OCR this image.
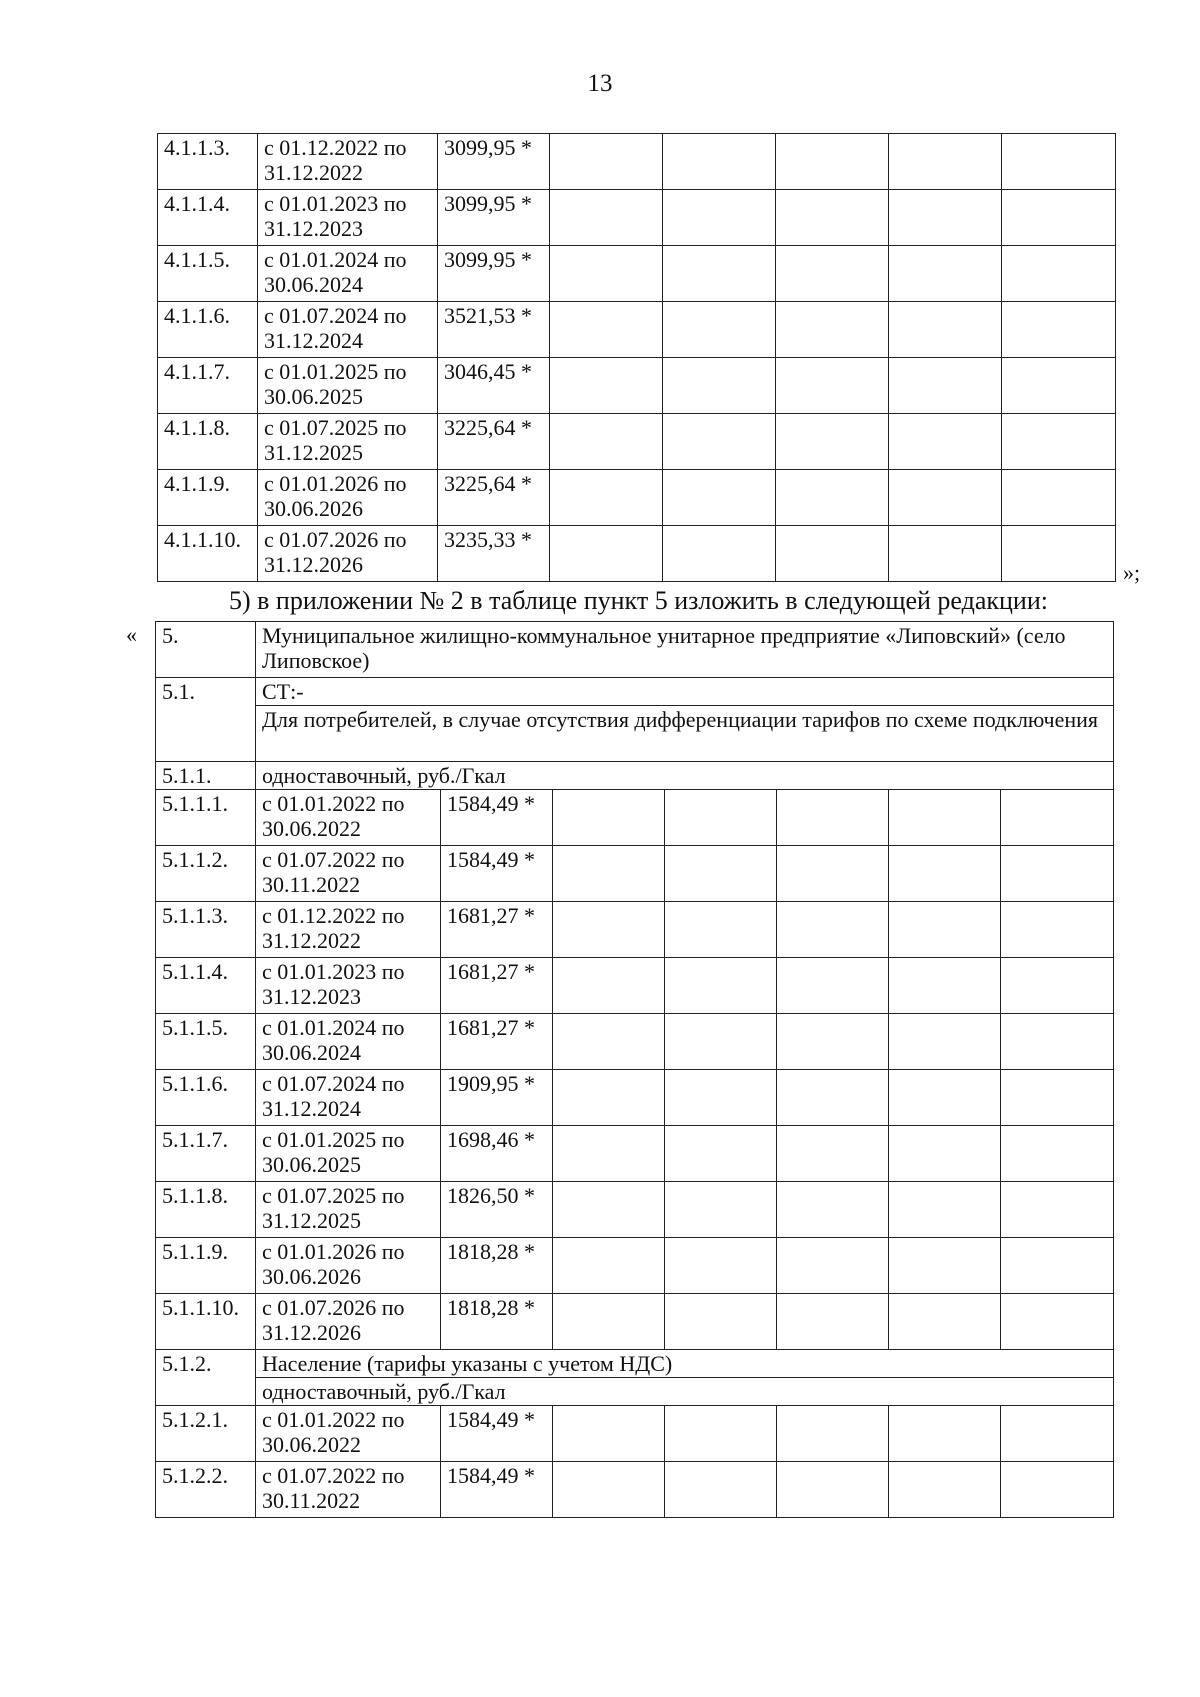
13
4.1.1.3.	с 01.12.2022 по 31.12.2022	3099,95 *					
4.1.1.4.	с 01.01.2023 по 31.12.2023	3099,95 *					
4.1.1.5.	с 01.01.2024 по 30.06.2024	3099,95 *					
4.1.1.6.	с 01.07.2024 по 31.12.2024	3521,53 *					
4.1.1.7.	с 01.01.2025 по 30.06.2025	3046,45 *					
4.1.1.8.	с 01.07.2025 по 31.12.2025	3225,64 *					
4.1.1.9.	с 01.01.2026 по 30.06.2026	3225,64 *					
4.1.1.10.	с 01.07.2026 по 31.12.2026	3235,33 *					
»;
5) в приложении № 2 в таблице пункт 5 изложить в следующей редакции:
« 5.	Муниципальное жилищно-коммунальное унитарное предприятие «Липовский» (село Липовское)						
5.1.	СТ:-						
	Для потребителей, в случае отсутствия дифференциации тарифов по схеме подключения						
5.1.1.	одноставочный, руб./Гкал						
5.1.1.1.	с 01.01.2022 по 30.06.2022	1584,49 *					
5.1.1.2.	с 01.07.2022 по 30.11.2022	1584,49 *					
5.1.1.3.	с 01.12.2022 по 31.12.2022	1681,27 *					
5.1.1.4.	с 01.01.2023 по 31.12.2023	1681,27 *					
5.1.1.5.	с 01.01.2024 по 30.06.2024	1681,27 *					
5.1.1.6.	с 01.07.2024 по 31.12.2024	1909,95 *					
5.1.1.7.	с 01.01.2025 по 30.06.2025	1698,46 *					
5.1.1.8.	с 01.07.2025 по 31.12.2025	1826,50 *					
5.1.1.9.	с 01.01.2026 по 30.06.2026	1818,28 *					
5.1.1.10.	с 01.07.2026 по 31.12.2026	1818,28 *					
5.1.2.	Население (тарифы указаны с учетом НДС)						
	одноставочный, руб./Гкал						
5.1.2.1.	с 01.01.2022 по 30.06.2022	1584,49 *					
5.1.2.2.	с 01.07.2022 по 30.11.2022	1584,49 *					
